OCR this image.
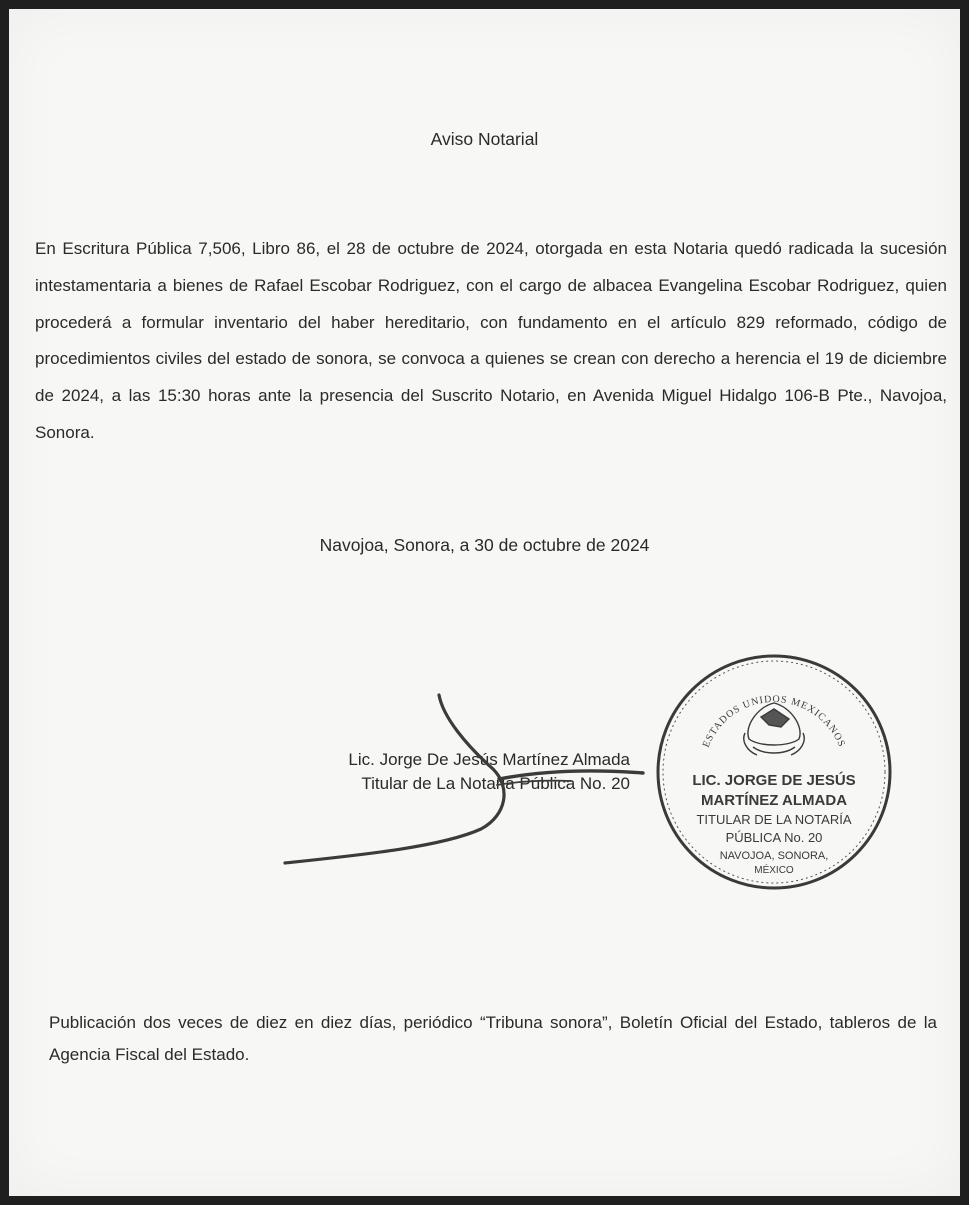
Aviso Notarial

En Escritura Pública 7,506, Libro 86, el 28 de octubre de 2024, otorgada en esta Notaria quedó radicada la sucesión intestamentaria a bienes de Rafael Escobar Rodriguez, con el cargo de albacea Evangelina Escobar Rodriguez, quien procederá a formular inventario del haber hereditario, con fundamento en el artículo 829 reformado, código de procedimientos civiles del estado de sonora, se convoca a quienes se crean con derecho a herencia el 19 de diciembre de 2024, a las 15:30 horas ante la presencia del Suscrito Notario, en Avenida Miguel Hidalgo 106-B Pte., Navojoa, Sonora.

Navojoa, Sonora, a 30 de octubre de 2024
Lic. Jorge De Jesús Martínez Almada
Titular de La Notaria Pública No. 20
ESTADOS UNIDOS MEXICANOS
LIC. JORGE DE JESÚS
MARTÍNEZ ALMADA
TITULAR DE LA NOTARÍA
PÚBLICA No. 20
NAVOJOA, SONORA,
MÉXICO

Publicación dos veces de diez en diez días, periódico “Tribuna sonora”, Boletín Oficial del Estado, tableros de la Agencia Fiscal del Estado.
